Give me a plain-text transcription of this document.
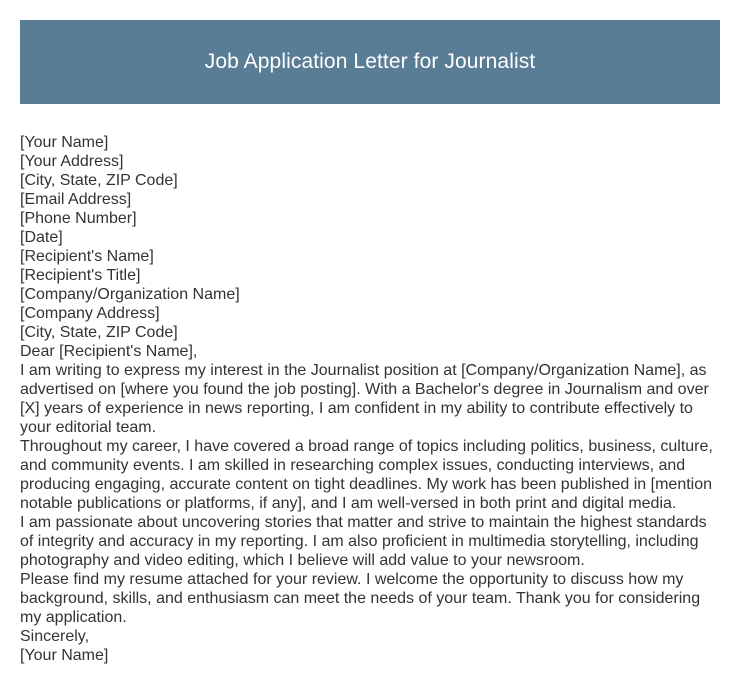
Job Application Letter for Journalist

[Your Name]

[Your Address]

[City, State, ZIP Code]

[Email Address]

[Phone Number]

[Date]

[Recipient's Name]

[Recipient's Title]

[Company/Organization Name]

[Company Address]

[City, State, ZIP Code]

Dear [Recipient's Name],

I am writing to express my interest in the Journalist position at [Company/Organization Name], as advertised on [where you found the job posting]. With a Bachelor's degree in Journalism and over [X] years of experience in news reporting, I am confident in my ability to contribute effectively to your editorial team.

Throughout my career, I have covered a broad range of topics including politics, business, culture, and community events. I am skilled in researching complex issues, conducting interviews, and producing engaging, accurate content on tight deadlines. My work has been published in [mention notable publications or platforms, if any], and I am well-versed in both print and digital media.

I am passionate about uncovering stories that matter and strive to maintain the highest standards of integrity and accuracy in my reporting. I am also proficient in multimedia storytelling, including photography and video editing, which I believe will add value to your newsroom.

Please find my resume attached for your review. I welcome the opportunity to discuss how my background, skills, and enthusiasm can meet the needs of your team. Thank you for considering my application.

Sincerely,

[Your Name]
